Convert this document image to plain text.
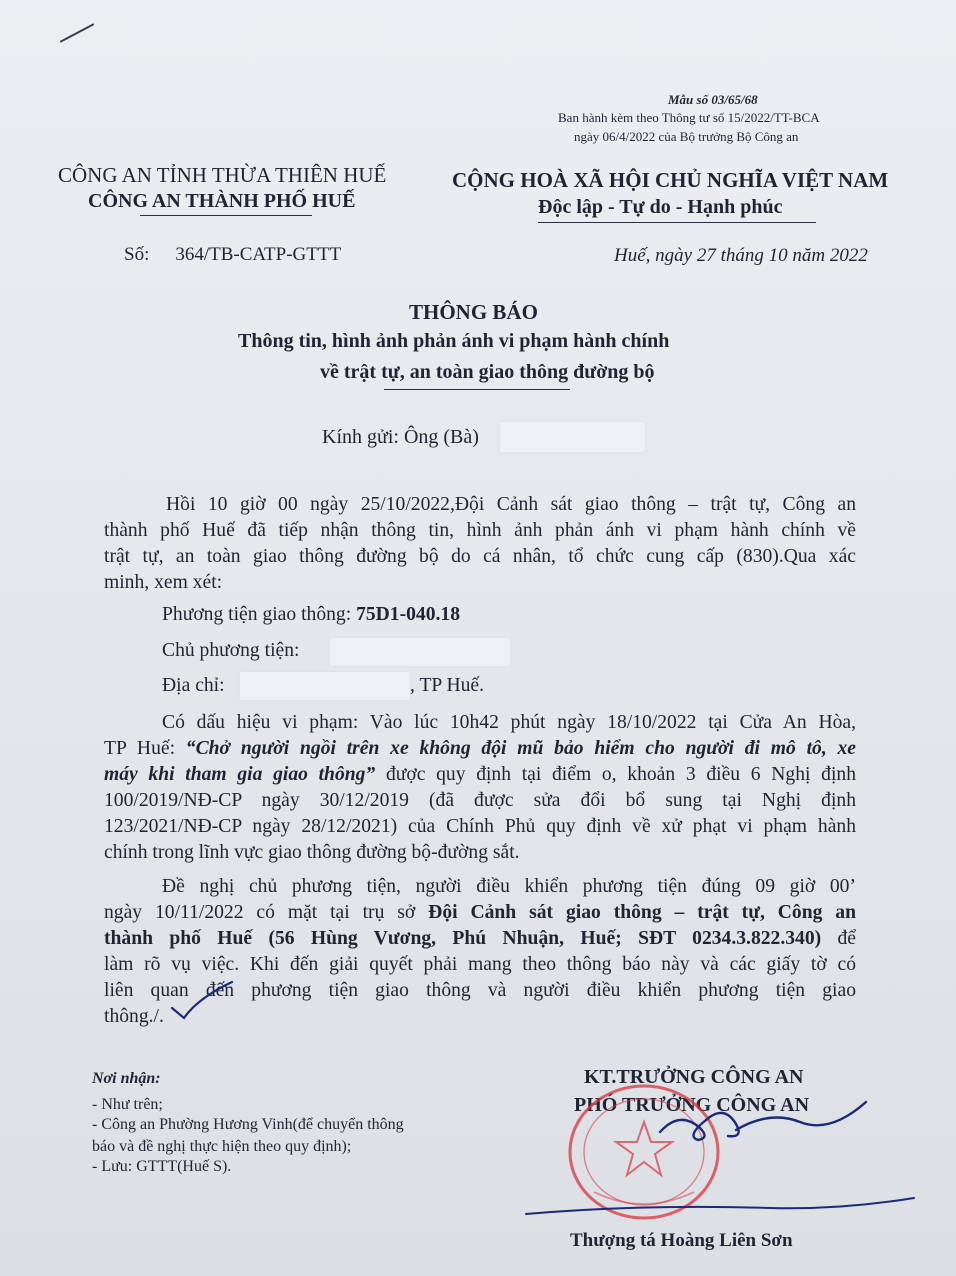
Mẫu số 03/65/68
Ban hành kèm theo Thông tư số 15/2022/TT-BCA
ngày 06/4/2022 của Bộ trưởng Bộ Công an
CÔNG AN TỈNH THỪA THIÊN HUẾ
CÔNG AN THÀNH PHỐ HUẾ
CỘNG HOÀ XÃ HỘI CHỦ NGHĨA VIỆT NAM
Độc lập - Tự do - Hạnh phúc
Số: 364/TB-CATP-GTTT	Huế, ngày 27 tháng 10 năm 2022
THÔNG BÁO
Thông tin, hình ảnh phản ánh vi phạm hành chính
về trật tự, an toàn giao thông đường bộ
Kính gửi: Ông (Bà)
Hồi 10 giờ 00 ngày 25/10/2022,Đội Cảnh sát giao thông – trật tự, Công an
thành phố Huế đã tiếp nhận thông tin, hình ảnh phản ánh vi phạm hành chính về
trật tự, an toàn giao thông đường bộ do cá nhân, tổ chức cung cấp (830).Qua xác
minh, xem xét:
Phương tiện giao thông: 75D1-040.18
Chủ phương tiện:
Địa chỉ:	, TP Huế.
Có dấu hiệu vi phạm: Vào lúc 10h42 phút ngày 18/10/2022 tại Cửa An Hòa,
TP Huế: “Chở người ngồi trên xe không đội mũ bảo hiểm cho người đi mô tô, xe
máy khi tham gia giao thông” được quy định tại điểm o, khoản 3 điều 6 Nghị định
100/2019/NĐ-CP ngày 30/12/2019 (đã được sửa đổi bổ sung tại Nghị định
123/2021/NĐ-CP ngày 28/12/2021) của Chính Phủ quy định về xử phạt vi phạm hành
chính trong lĩnh vực giao thông đường bộ-đường sắt.
Đề nghị chủ phương tiện, người điều khiển phương tiện đúng 09 giờ 00’
ngày 10/11/2022 có mặt tại trụ sở Đội Cảnh sát giao thông – trật tự, Công an
thành phố Huế (56 Hùng Vương, Phú Nhuận, Huế; SĐT 0234.3.822.340) để
làm rõ vụ việc. Khi đến giải quyết phải mang theo thông báo này và các giấy tờ có
liên quan đến phương tiện giao thông và người điều khiển phương tiện giao
thông./.
Nơi nhận:
- Như trên;
- Công an Phường Hương Vinh(để chuyển thông
báo và đề nghị thực hiện theo quy định);
- Lưu: GTTT(Huế S).
KT.TRƯỞNG CÔNG AN
PHÓ TRƯỞNG CÔNG AN
Thượng tá Hoàng Liên Sơn
